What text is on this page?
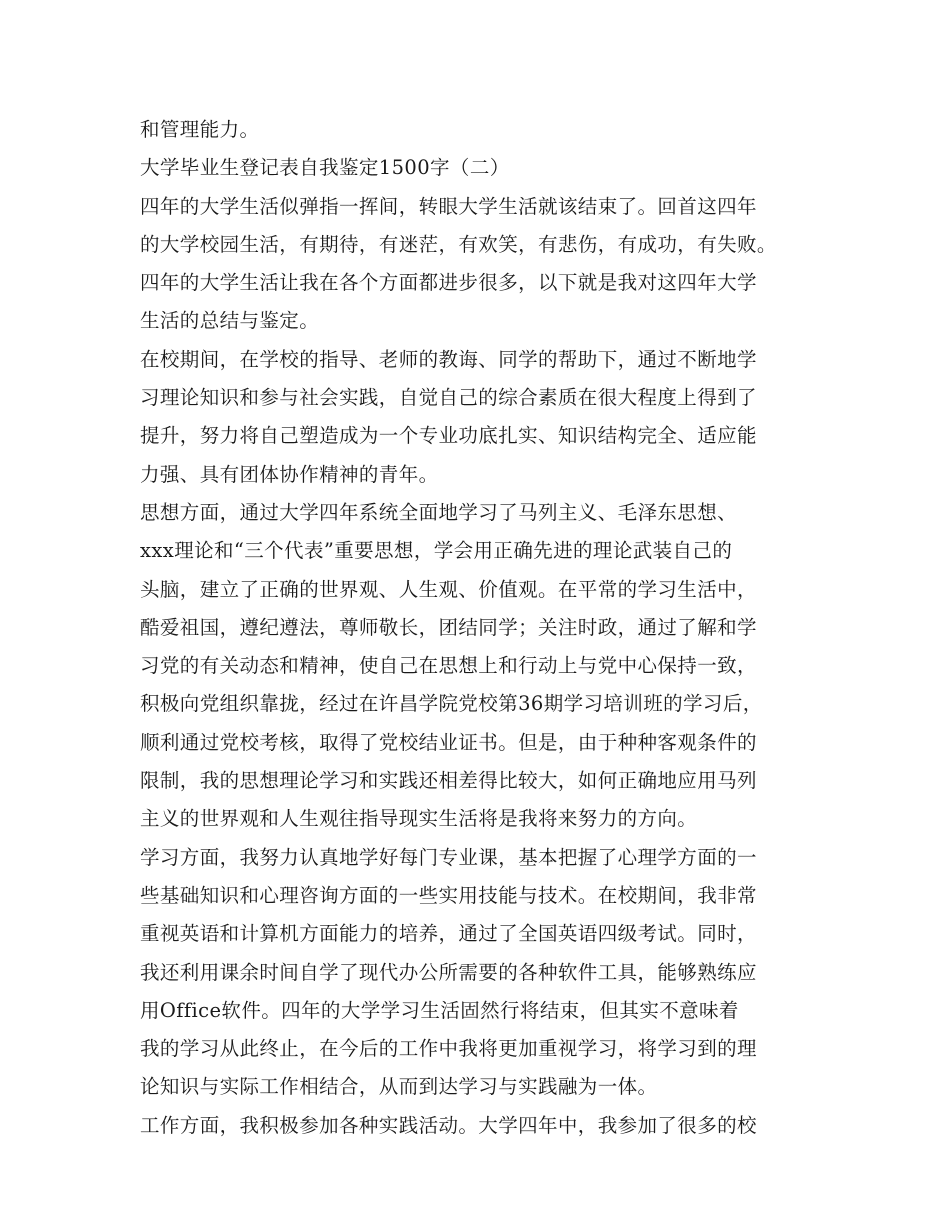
和管理能力。
大学毕业生登记表自我鉴定1500字（二）
四年的大学生活似弹指一挥间，转眼大学生活就该结束了。回首这四年
的大学校园生活，有期待，有迷茫，有欢笑，有悲伤，有成功，有失败。
四年的大学生活让我在各个方面都进步很多，以下就是我对这四年大学
生活的总结与鉴定。
在校期间，在学校的指导、老师的教诲、同学的帮助下，通过不断地学
习理论知识和参与社会实践，自觉自己的综合素质在很大程度上得到了
提升，努力将自己塑造成为一个专业功底扎实、知识结构完全、适应能
力强、具有团体协作精神的青年。
思想方面，通过大学四年系统全面地学习了马列主义、毛泽东思想、
xxx理论和“三个代表”重要思想，学会用正确先进的理论武装自己的
头脑，建立了正确的世界观、人生观、价值观。在平常的学习生活中，
酷爱祖国，遵纪遵法，尊师敬长，团结同学；关注时政，通过了解和学
习党的有关动态和精神，使自己在思想上和行动上与党中心保持一致，
积极向党组织靠拢，经过在许昌学院党校第36期学习培训班的学习后，
顺利通过党校考核，取得了党校结业证书。但是，由于种种客观条件的
限制，我的思想理论学习和实践还相差得比较大，如何正确地应用马列
主义的世界观和人生观往指导现实生活将是我将来努力的方向。
学习方面，我努力认真地学好每门专业课，基本把握了心理学方面的一
些基础知识和心理咨询方面的一些实用技能与技术。在校期间，我非常
重视英语和计算机方面能力的培养，通过了全国英语四级考试。同时，
我还利用课余时间自学了现代办公所需要的各种软件工具，能够熟练应
用Office软件。四年的大学学习生活固然行将结束，但其实不意味着
我的学习从此终止，在今后的工作中我将更加重视学习，将学习到的理
论知识与实际工作相结合，从而到达学习与实践融为一体。
工作方面，我积极参加各种实践活动。大学四年中，我参加了很多的校
